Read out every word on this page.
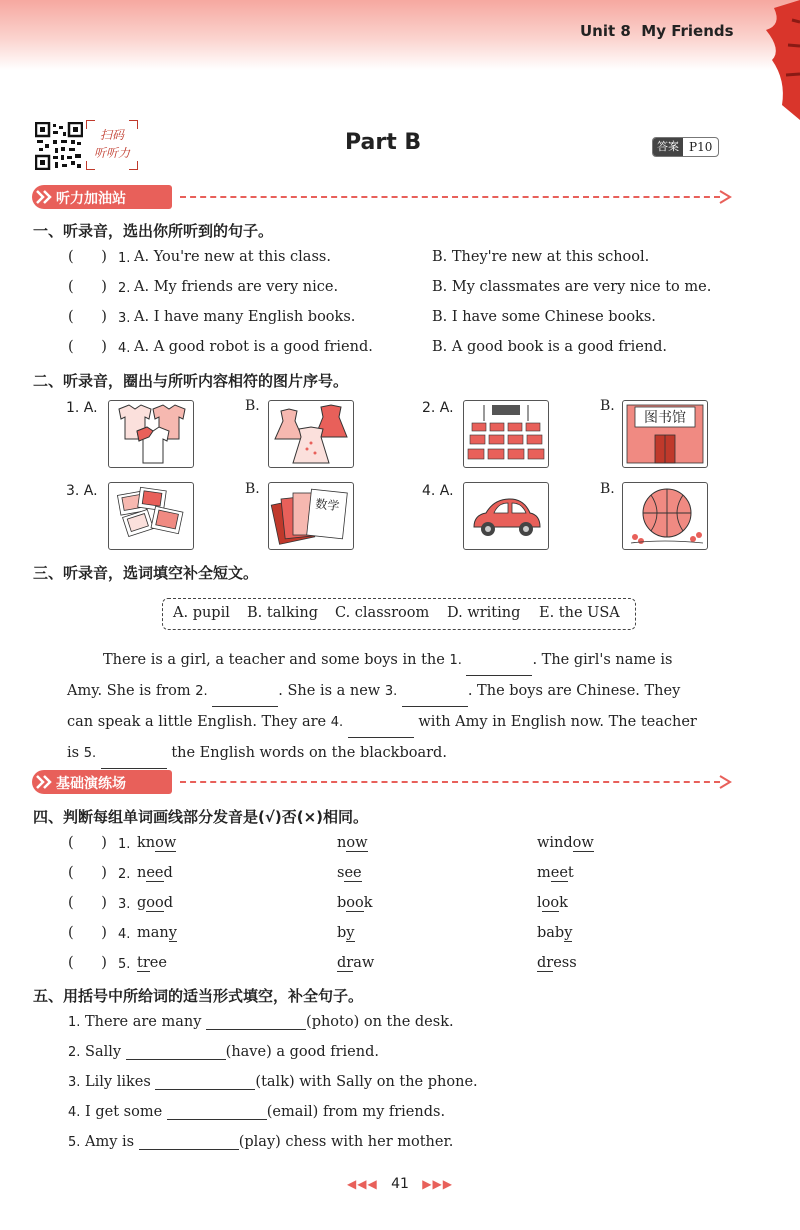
Unit 8 My Friends
扫码
听听力	Part B	答案 P10
听力加油站
一、听录音，选出你所听到的句子。
(      ) 1. A. You're new at this class.	B. They're new at this school.
(      ) 2. A. My friends are very nice.	B. My classmates are very nice to me.
(      ) 3. A. I have many English books.	B. I have some Chinese books.
(      ) 4. A. A good robot is a good friend.	B. A good book is a good friend.
二、听录音，圈出与所听内容相符的图片序号。
1. A.	B.	2. A.	B.
3. A.	B.	4. A.	B.
图书馆
数学
三、听录音，选词填空补全短文。
A. pupil B. talking C. classroom D. writing E. the USA
There is a girl, a teacher and some boys in the 1.	. The girl's name is
Amy. She is from 2.	. She is a new 3.	. The boys are Chinese. They
can speak a little English. They are 4.	with Amy in English now. The teacher
is 5.	the English words on the blackboard.
基础演练场
四、判断每组单词画线部分发音是(√)否(×)相同。
(      ) 1. know	now	window
(      ) 2. need	see	meet
(      ) 3. good	book	look
(      ) 4. many	by	baby
(      ) 5. tree	draw	dress
五、用括号中所给词的适当形式填空，补全句子。
1. There are many	(photo) on the desk.
2. Sally	(have) a good friend.
3. Lily likes	(talk) with Sally on the phone.
4. I get some	(email) from my friends.
5. Amy is	(play) chess with her mother.
◀◀◀ 41 ▶▶▶
